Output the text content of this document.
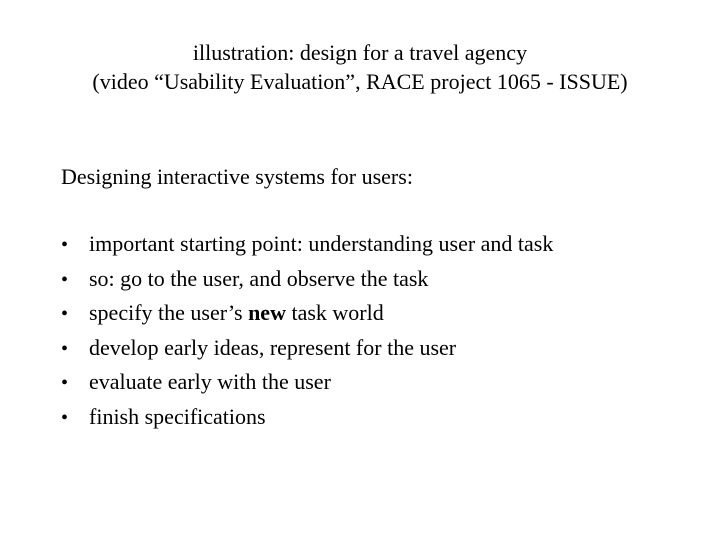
illustration: design for a travel agency
(video “Usability Evaluation”, RACE project 1065 - ISSUE)
Designing interactive systems for users:
• important starting point: understanding user and task
• so: go to the user, and observe the task
• specify the user’s new task world
• develop early ideas, represent for the user
• evaluate early with the user
• finish specifications
